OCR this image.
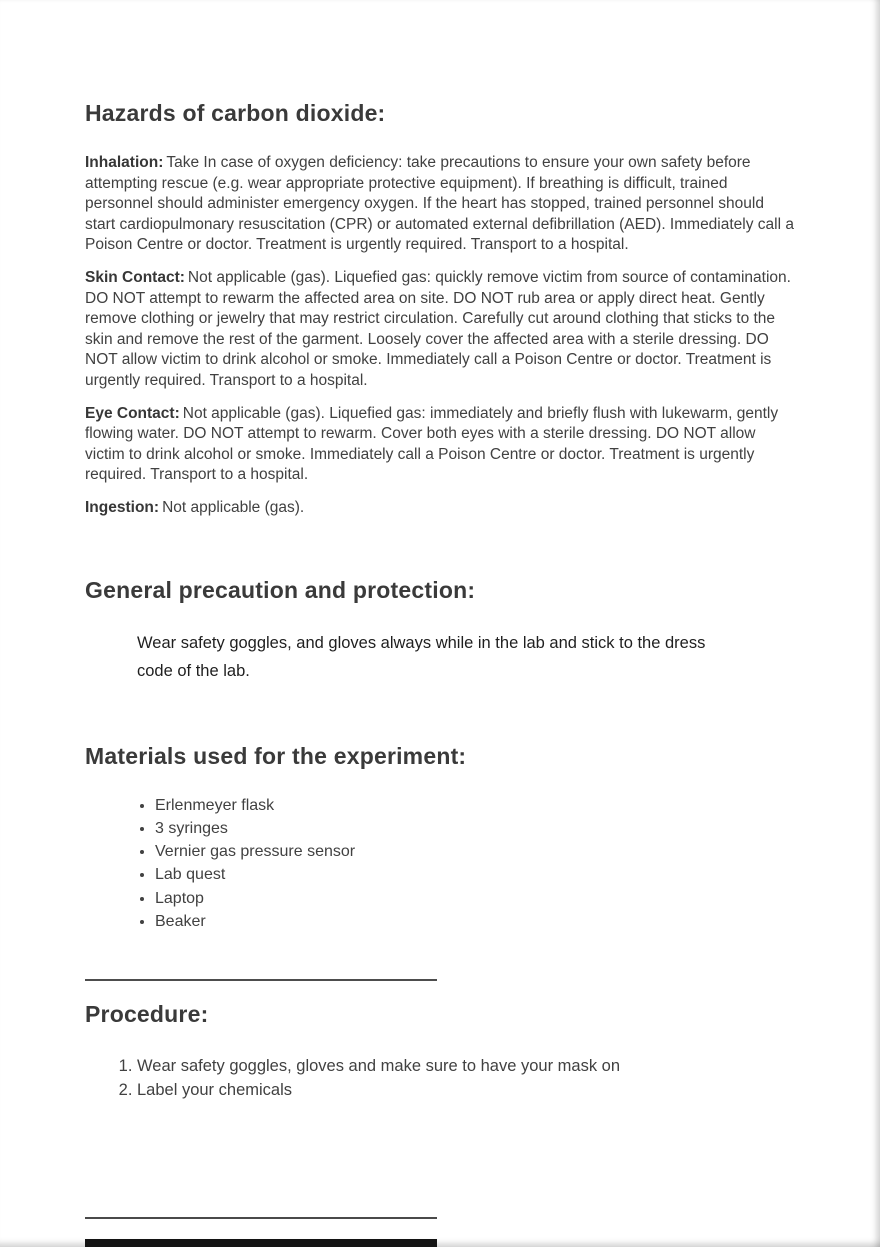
Hazards of carbon dioxide:

Inhalation: Take In case of oxygen deficiency: take precautions to ensure your own safety before attempting rescue (e.g. wear appropriate protective equipment). If breathing is difficult, trained personnel should administer emergency oxygen. If the heart has stopped, trained personnel should start cardiopulmonary resuscitation (CPR) or automated external defibrillation (AED). Immediately call a Poison Centre or doctor. Treatment is urgently required. Transport to a hospital.

Skin Contact: Not applicable (gas). Liquefied gas: quickly remove victim from source of contamination. DO NOT attempt to rewarm the affected area on site. DO NOT rub area or apply direct heat. Gently remove clothing or jewelry that may restrict circulation. Carefully cut around clothing that sticks to the skin and remove the rest of the garment. Loosely cover the affected area with a sterile dressing. DO NOT allow victim to drink alcohol or smoke. Immediately call a Poison Centre or doctor. Treatment is urgently required. Transport to a hospital.

Eye Contact: Not applicable (gas). Liquefied gas: immediately and briefly flush with lukewarm, gently flowing water. DO NOT attempt to rewarm. Cover both eyes with a sterile dressing. DO NOT allow victim to drink alcohol or smoke. Immediately call a Poison Centre or doctor. Treatment is urgently required. Transport to a hospital.

Ingestion: Not applicable (gas).

General precaution and protection:

Wear safety goggles, and gloves always while in the lab and stick to the dress code of the lab.

Materials used for the experiment:
• Erlenmeyer flask
• 3 syringes
• Vernier gas pressure sensor
• Lab quest
• Laptop
• Beaker
Procedure:
1. Wear safety goggles, gloves and make sure to have your mask on
2. Label your chemicals
